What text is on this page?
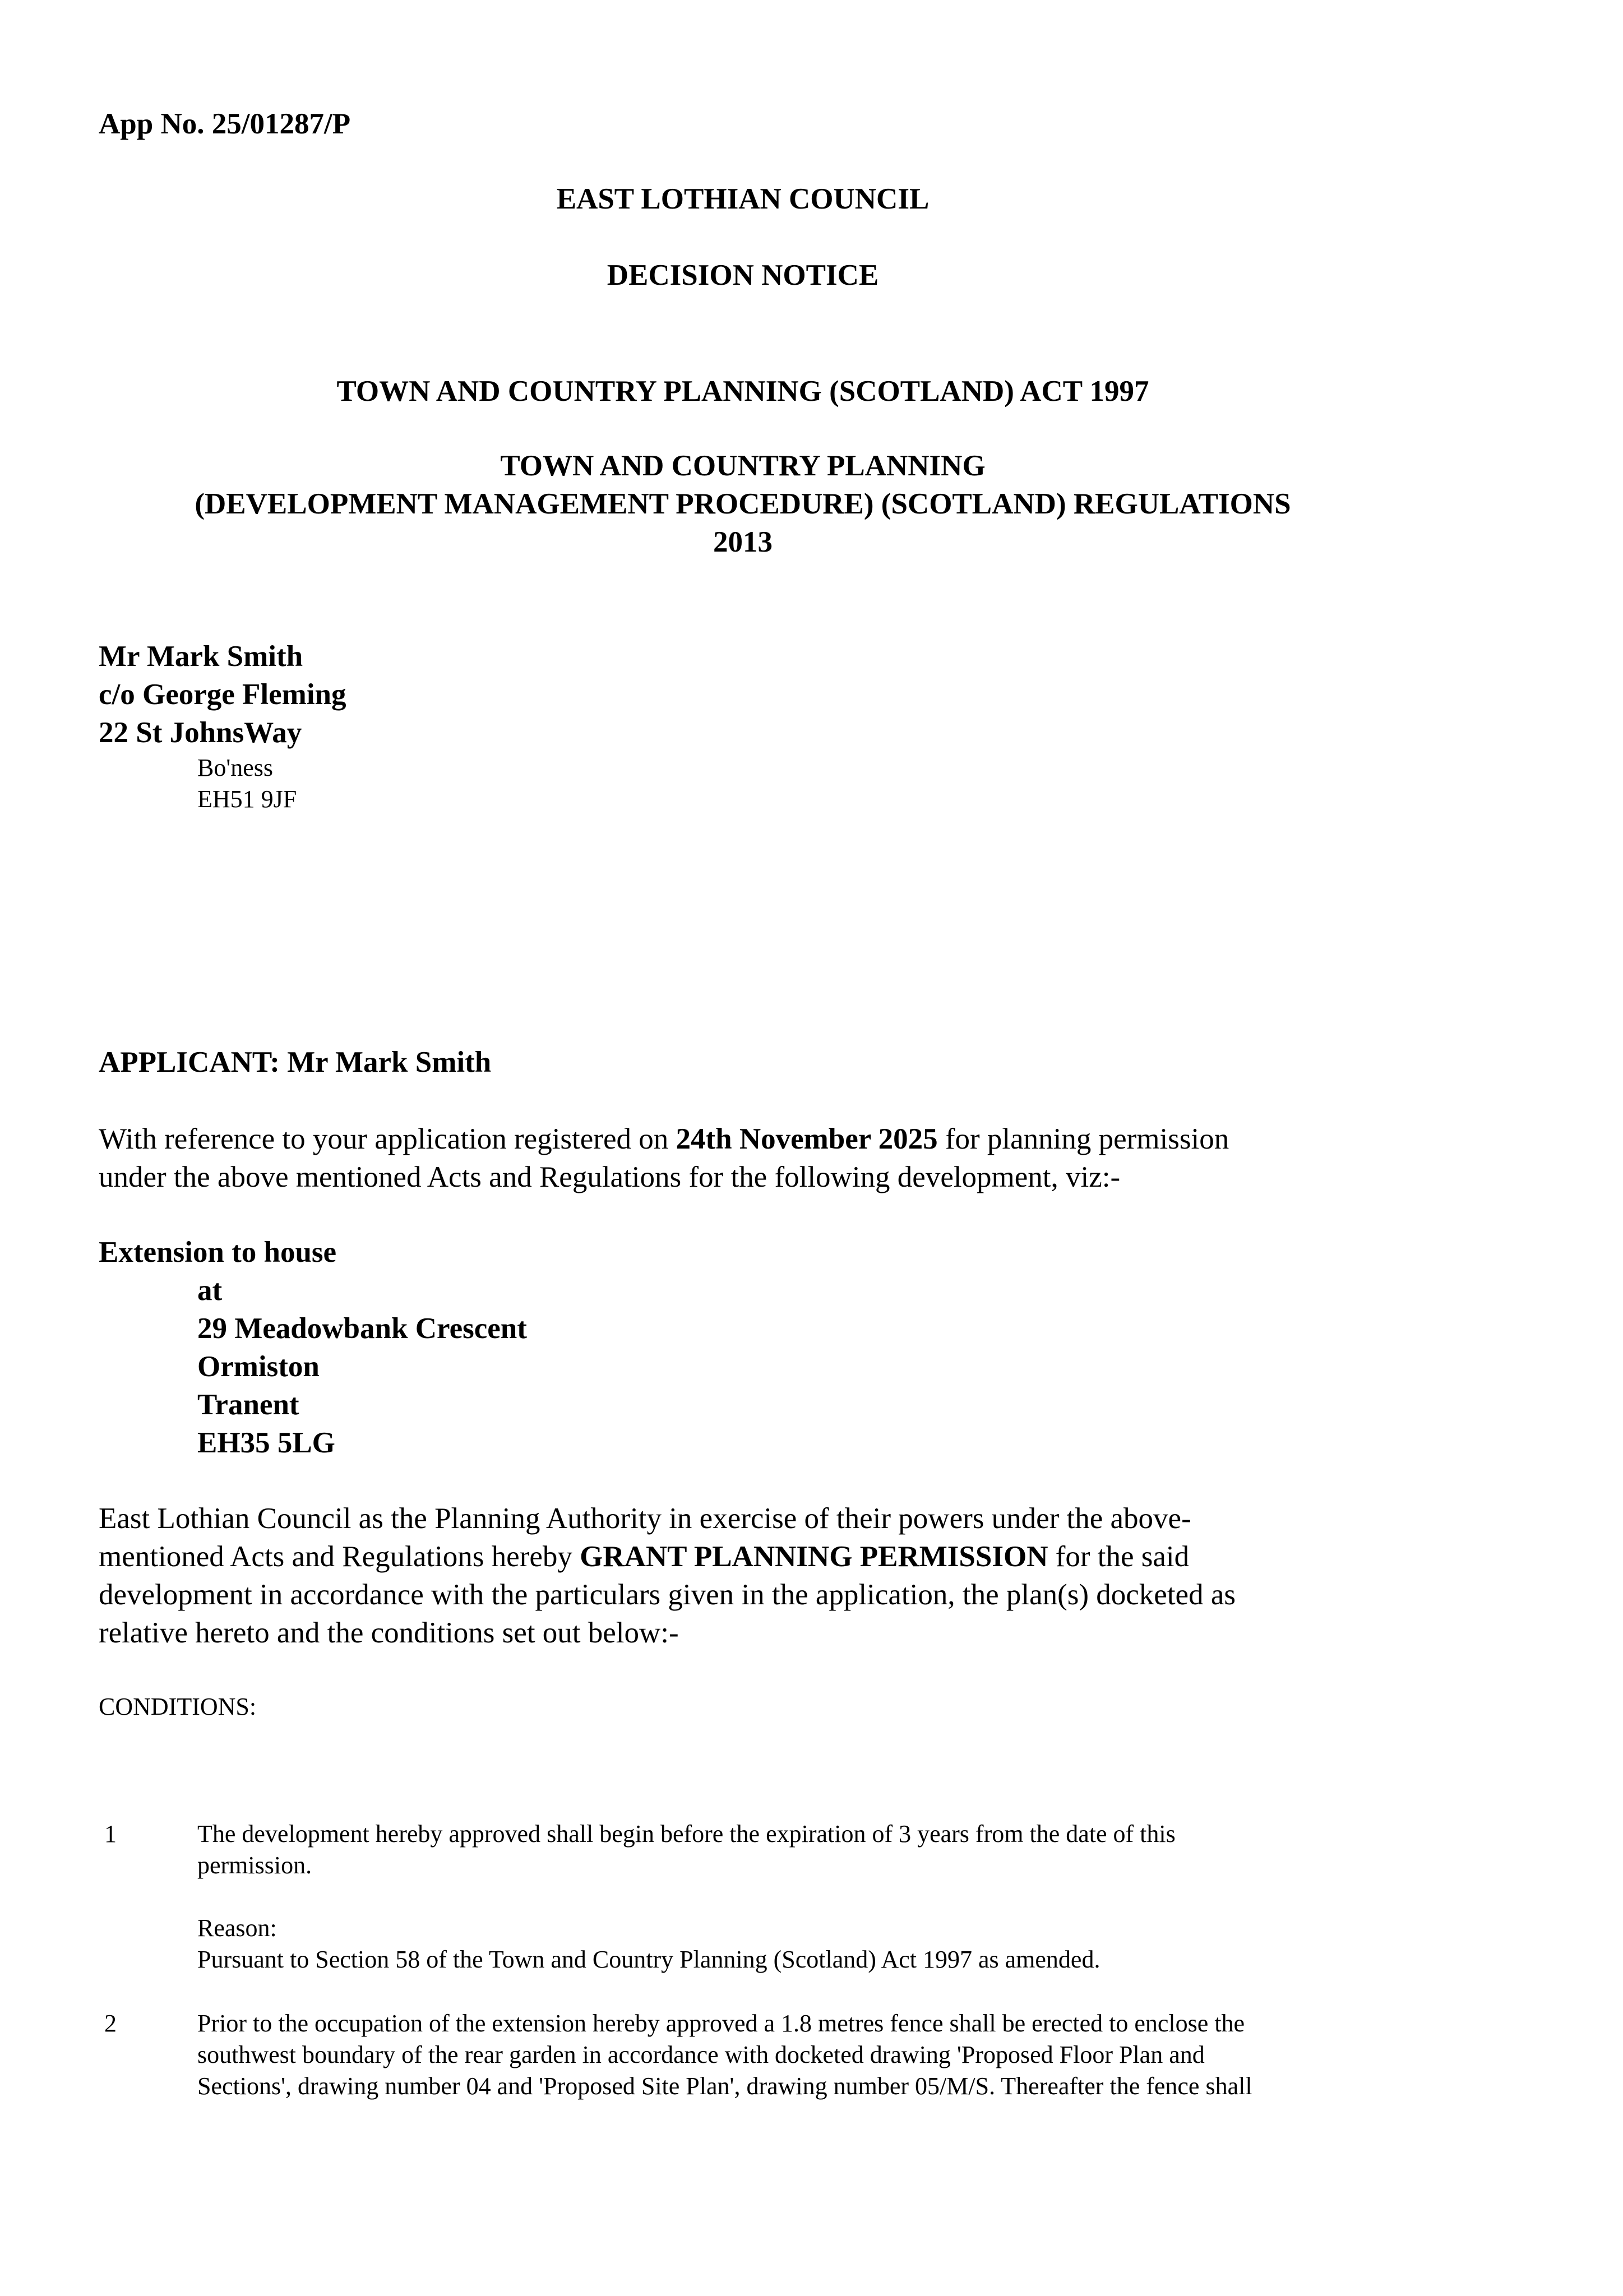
App No. 25/01287/P
EAST LOTHIAN COUNCIL
DECISION NOTICE
TOWN AND COUNTRY PLANNING (SCOTLAND) ACT 1997
TOWN AND COUNTRY PLANNING
(DEVELOPMENT MANAGEMENT PROCEDURE) (SCOTLAND) REGULATIONS
2013
Mr Mark Smith
c/o George Fleming
22 St JohnsWay
Bo'ness
EH51 9JF
APPLICANT: Mr Mark Smith
With reference to your application registered on 24th November 2025 for planning permission
under the above mentioned Acts and Regulations for the following development, viz:-
Extension to house
at
29 Meadowbank Crescent
Ormiston
Tranent
EH35 5LG
East Lothian Council as the Planning Authority in exercise of their powers under the above-
mentioned Acts and Regulations hereby GRANT PLANNING PERMISSION for the said
development in accordance with the particulars given in the application, the plan(s) docketed as
relative hereto and the conditions set out below:-
CONDITIONS:
1	The development hereby approved shall begin before the expiration of 3 years from the date of this
permission.
Reason:
Pursuant to Section 58 of the Town and Country Planning (Scotland) Act 1997 as amended.
2	Prior to the occupation of the extension hereby approved a 1.8 metres fence shall be erected to enclose the
southwest boundary of the rear garden in accordance with docketed drawing 'Proposed Floor Plan and
Sections', drawing number 04 and 'Proposed Site Plan', drawing number 05/M/S. Thereafter the fence shall
